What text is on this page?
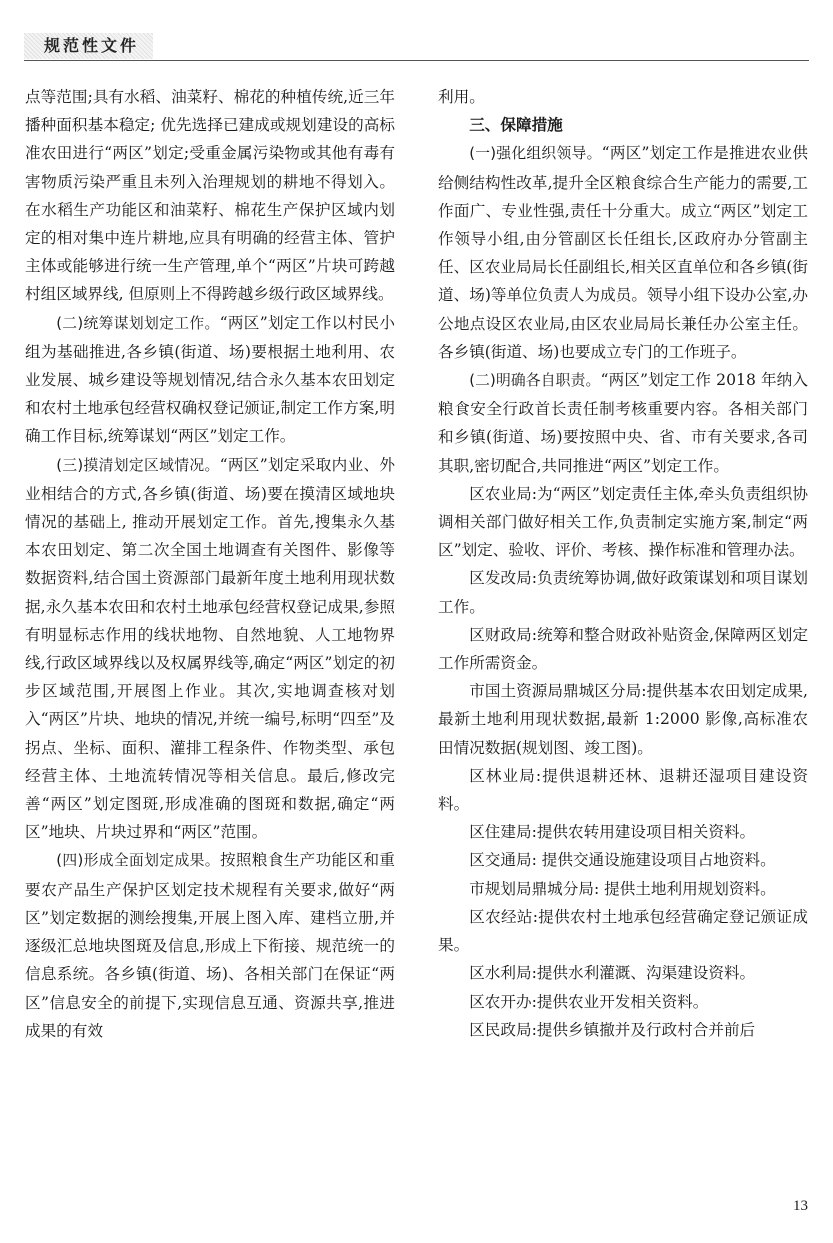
规范性文件

点等范围;具有水稻、油菜籽、棉花的种植传统,近三年播种面积基本稳定; 优先选择已建成或规划建设的高标准农田进行“两区”划定;受重金属污染物或其他有毒有害物质污染严重且未列入治理规划的耕地不得划入。在水稻生产功能区和油菜籽、棉花生产保护区域内划定的相对集中连片耕地,应具有明确的经营主体、管护主体或能够进行统一生产管理,单个“两区”片块可跨越村组区域界线, 但原则上不得跨越乡级行政区域界线。

(二)统筹谋划划定工作。“两区”划定工作以村民小组为基础推进,各乡镇(街道、场)要根据土地利用、农业发展、城乡建设等规划情况,结合永久基本农田划定和农村土地承包经营权确权登记颁证,制定工作方案,明确工作目标,统筹谋划“两区”划定工作。

(三)摸清划定区域情况。“两区”划定采取内业、外业相结合的方式,各乡镇(街道、场)要在摸清区域地块情况的基础上, 推动开展划定工作。首先,搜集永久基本农田划定、第二次全国土地调查有关图件、影像等数据资料,结合国土资源部门最新年度土地利用现状数据,永久基本农田和农村土地承包经营权登记成果,参照有明显标志作用的线状地物、自然地貌、人工地物界线,行政区域界线以及权属界线等,确定“两区”划定的初步区域范围,开展图上作业。其次,实地调查核对划入“两区”片块、地块的情况,并统一编号,标明“四至”及拐点、坐标、面积、灌排工程条件、作物类型、承包经营主体、土地流转情况等相关信息。最后,修改完善“两区”划定图斑,形成准确的图斑和数据,确定“两区”地块、片块过界和“两区”范围。

(四)形成全面划定成果。按照粮食生产功能区和重要农产品生产保护区划定技术规程有关要求,做好“两区”划定数据的测绘搜集,开展上图入库、建档立册,并逐级汇总地块图斑及信息,形成上下衔接、规范统一的信息系统。各乡镇(街道、场)、各相关部门在保证“两区”信息安全的前提下,实现信息互通、资源共享,推进成果的有效

利用。

三、保障措施

(一)强化组织领导。“两区”划定工作是推进农业供给侧结构性改革,提升全区粮食综合生产能力的需要,工作面广、专业性强,责任十分重大。成立“两区”划定工作领导小组,由分管副区长任组长,区政府办分管副主任、区农业局局长任副组长,相关区直单位和各乡镇(街道、场)等单位负责人为成员。领导小组下设办公室,办公地点设区农业局,由区农业局局长兼任办公室主任。各乡镇(街道、场)也要成立专门的工作班子。

(二)明确各自职责。“两区”划定工作 2018 年纳入粮食安全行政首长责任制考核重要内容。各相关部门和乡镇(街道、场)要按照中央、省、市有关要求,各司其职,密切配合,共同推进“两区”划定工作。

区农业局:为“两区”划定责任主体,牵头负责组织协调相关部门做好相关工作,负责制定实施方案,制定“两区”划定、验收、评价、考核、操作标准和管理办法。

区发改局:负责统筹协调,做好政策谋划和项目谋划工作。

区财政局:统筹和整合财政补贴资金,保障两区划定工作所需资金。

市国土资源局鼎城区分局:提供基本农田划定成果,最新土地利用现状数据,最新 1:2000 影像,高标准农田情况数据(规划图、竣工图)。

区林业局:提供退耕还林、退耕还湿项目建设资料。

区住建局:提供农转用建设项目相关资料。

区交通局: 提供交通设施建设项目占地资料。

市规划局鼎城分局: 提供土地利用规划资料。

区农经站:提供农村土地承包经营确定登记颁证成果。

区水利局:提供水利灌溉、沟渠建设资料。

区农开办:提供农业开发相关资料。

区民政局:提供乡镇撤并及行政村合并前后

13
